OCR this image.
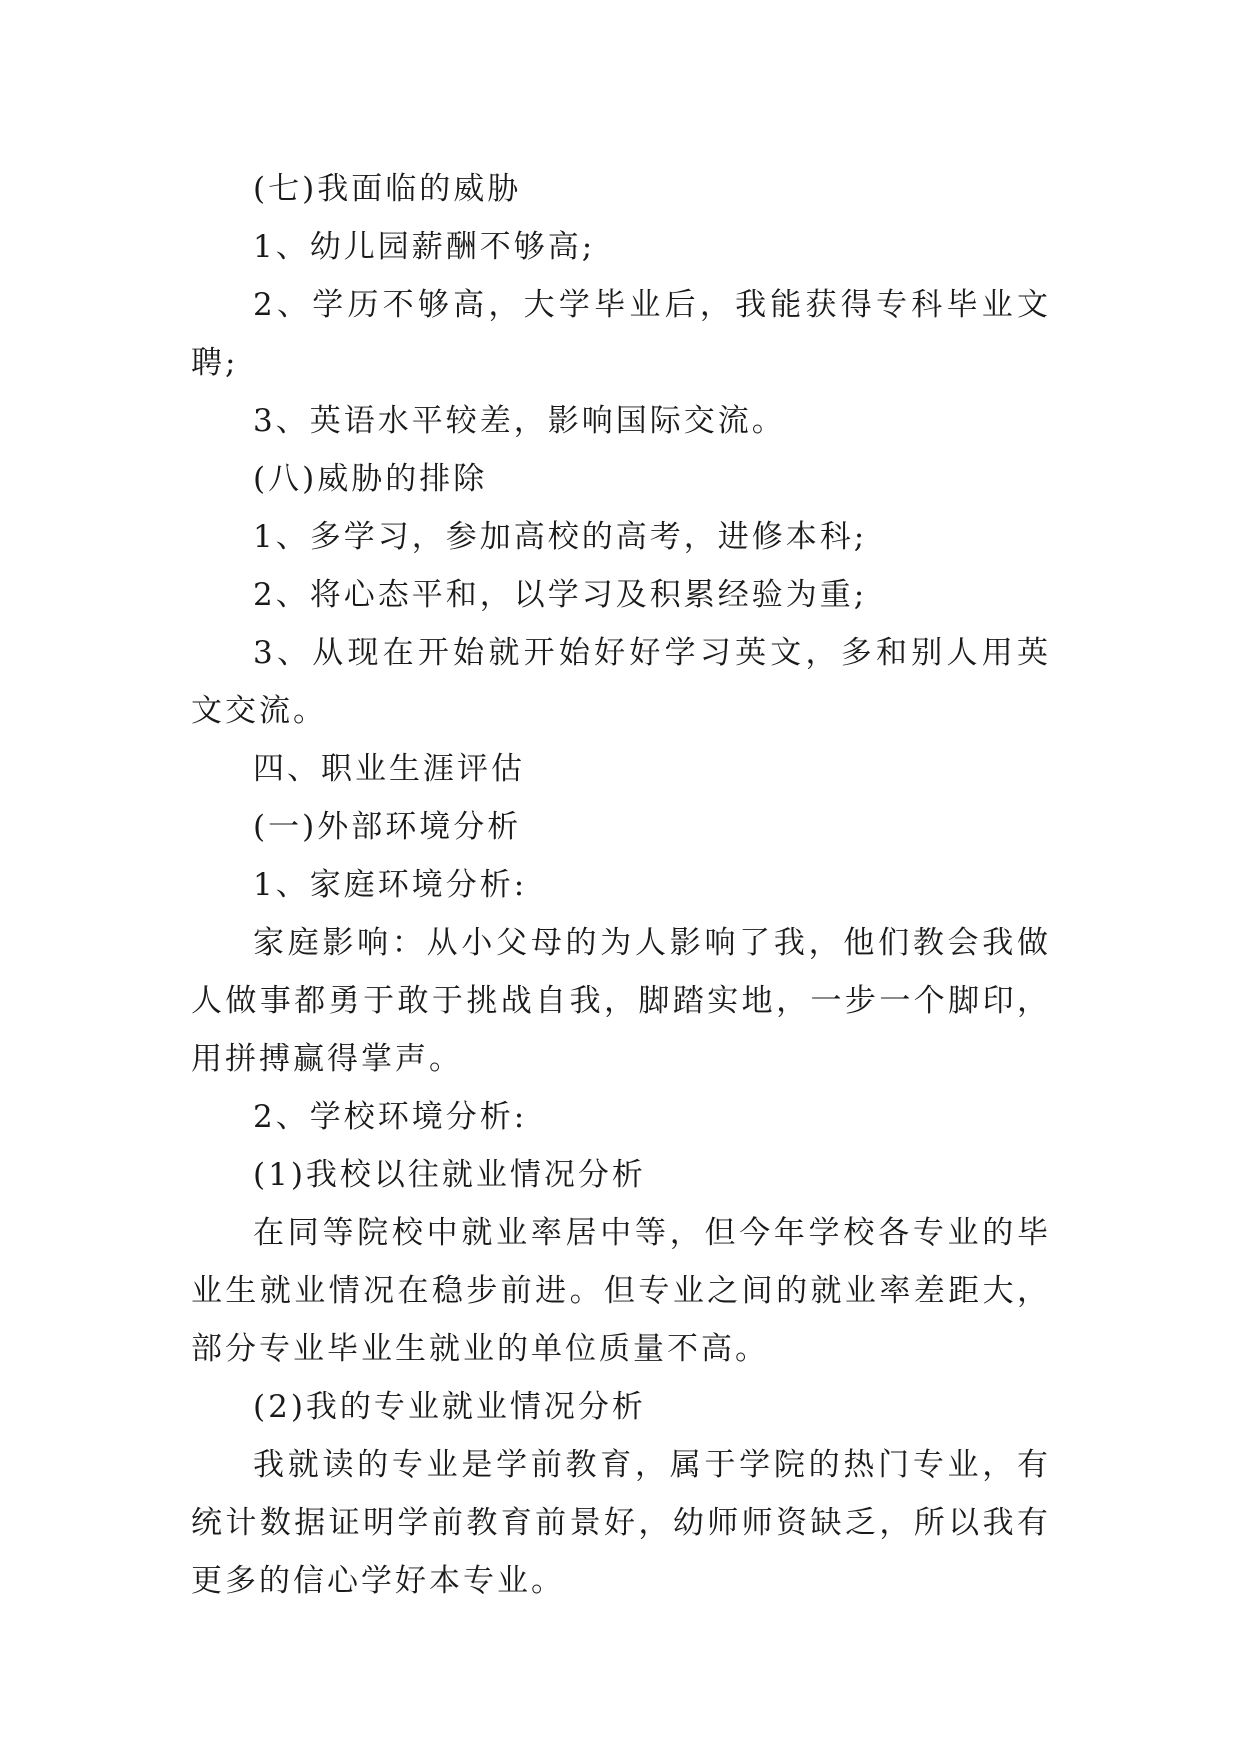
(七)我面临的威胁

1、幼儿园薪酬不够高;

2、学历不够高，大学毕业后，我能获得专科毕业文聘;

3、英语水平较差，影响国际交流。

(八)威胁的排除

1、多学习，参加高校的高考，进修本科;

2、将心态平和，以学习及积累经验为重;

3、从现在开始就开始好好学习英文，多和别人用英文交流。

四、职业生涯评估

(一)外部环境分析

1、家庭环境分析:

家庭影响：从小父母的为人影响了我，他们教会我做人做事都勇于敢于挑战自我，脚踏实地，一步一个脚印，用拼搏赢得掌声。

2、学校环境分析:

(1)我校以往就业情况分析

在同等院校中就业率居中等，但今年学校各专业的毕业生就业情况在稳步前进。但专业之间的就业率差距大，部分专业毕业生就业的单位质量不高。

(2)我的专业就业情况分析

我就读的专业是学前教育，属于学院的热门专业，有统计数据证明学前教育前景好，幼师师资缺乏，所以我有更多的信心学好本专业。
